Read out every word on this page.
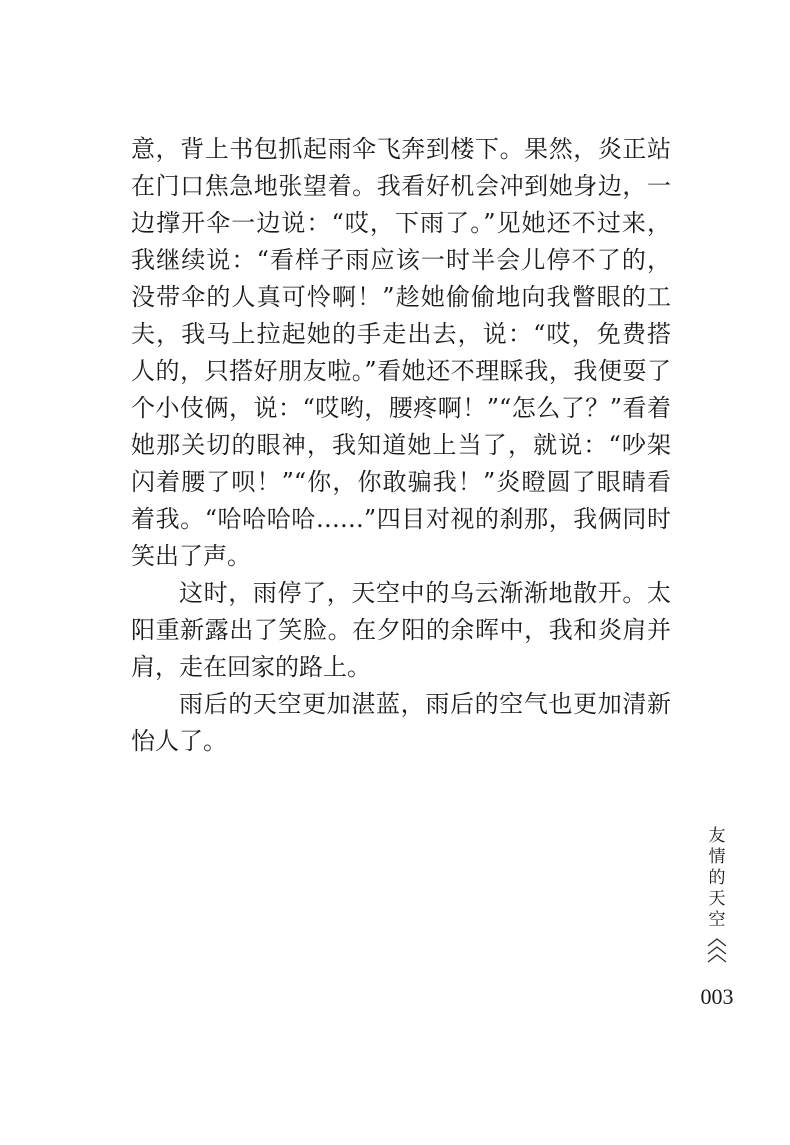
意，背上书包抓起雨伞飞奔到楼下。果然，炎正站在门口焦急地张望着。我看好机会冲到她身边，一边撑开伞一边说：“哎，下雨了。”见她还不过来，我继续说：“看样子雨应该一时半会儿停不了的，没带伞的人真可怜啊！”趁她偷偷地向我瞥眼的工夫，我马上拉起她的手走出去，说：“哎，免费搭人的，只搭好朋友啦。”看她还不理睬我，我便耍了个小伎俩，说：“哎哟，腰疼啊！”“怎么了？”看着她那关切的眼神，我知道她上当了，就说：“吵架闪着腰了呗！”“你，你敢骗我！”炎瞪圆了眼睛看着我。“哈哈哈哈……”四目对视的刹那，我俩同时笑出了声。

这时，雨停了，天空中的乌云渐渐地散开。太阳重新露出了笑脸。在夕阳的余晖中，我和炎肩并肩，走在回家的路上。

雨后的天空更加湛蓝，雨后的空气也更加清新怡人了。

友
情
的
天
空
003
